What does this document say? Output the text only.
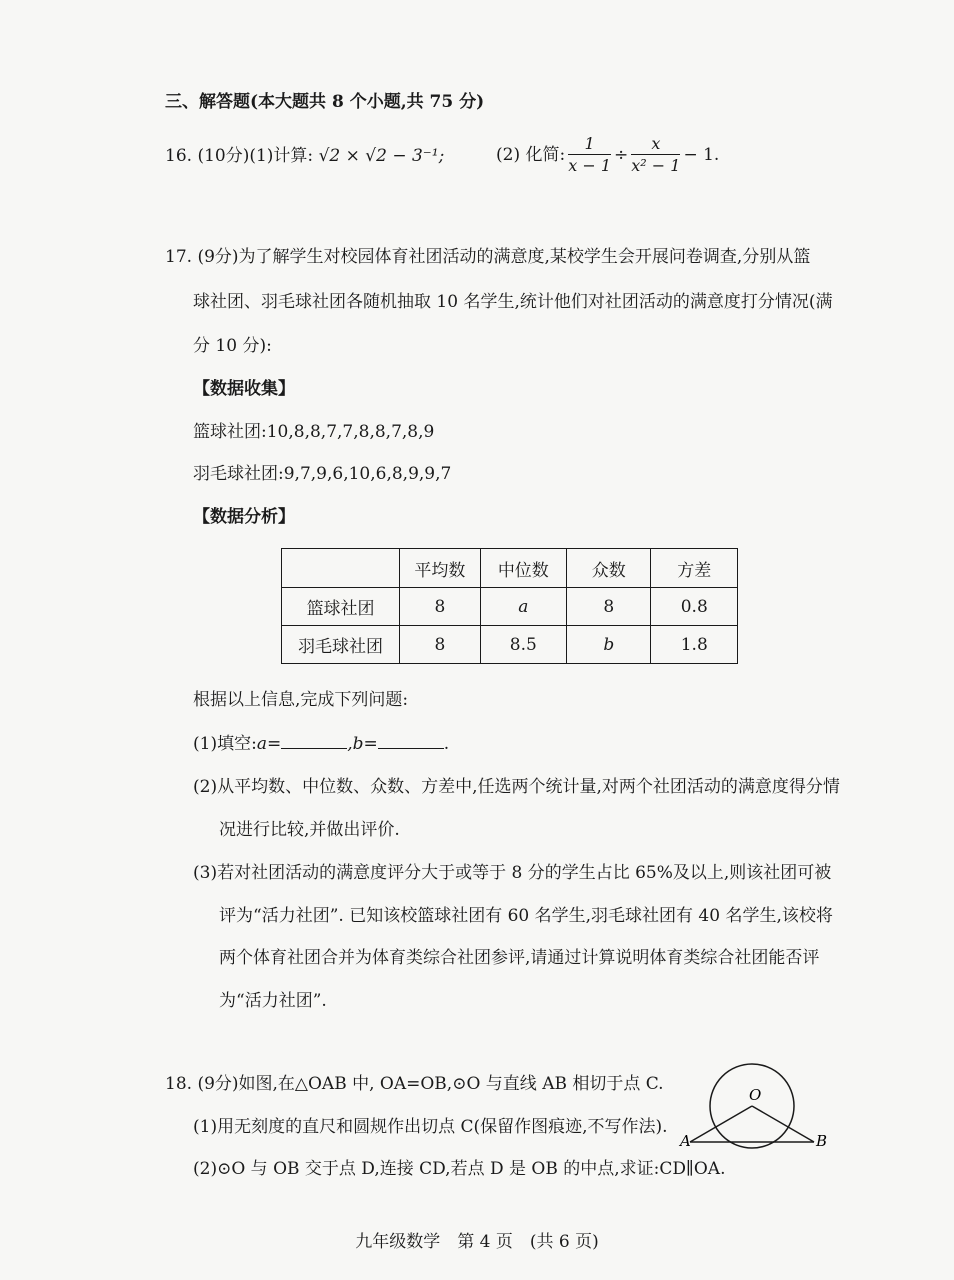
三、解答题(本大题共 8 个小题,共 75 分)
16. (10分)(1)计算: √2 × √2 − 3⁻¹;	(2) 化简: $\frac{1}{x - 1} \div \frac{x}{\text{x² − 1}} - 1$.
17. (9分)为了解学生对校园体育社团活动的满意度,某校学生会开展问卷调查,分别从篮
球社团、羽毛球社团各随机抽取 10 名学生,统计他们对社团活动的满意度打分情况(满
分 10 分):
【数据收集】
篮球社团:10,8,8,7,7,8,8,7,8,9
羽毛球社团:9,7,9,6,10,6,8,9,9,7
【数据分析】
	平均数	中位数	众数	方差
篮球社团	8	a	8	0.8
羽毛球社团	8	8.5	b	1.8
根据以上信息,完成下列问题:
(1)填空:a=	,b=	.
(2)从平均数、中位数、众数、方差中,任选两个统计量,对两个社团活动的满意度得分情
况进行比较,并做出评价.
(3)若对社团活动的满意度评分大于或等于 8 分的学生占比 65%及以上,则该社团可被
评为“活力社团”. 已知该校篮球社团有 60 名学生,羽毛球社团有 40 名学生,该校将
两个体育社团合并为体育类综合社团参评,请通过计算说明体育类综合社团能否评
为“活力社团”.
18. (9分)如图,在△OAB 中, OA=OB,⊙O 与直线 AB 相切于点 C.
(1)用无刻度的直尺和圆规作出切点 C(保留作图痕迹,不写作法).
(2)⊙O 与 OB 交于点 D,连接 CD,若点 D 是 OB 的中点,求证:CD∥OA.
O
A	B
九年级数学　第 4 页　(共 6 页)
